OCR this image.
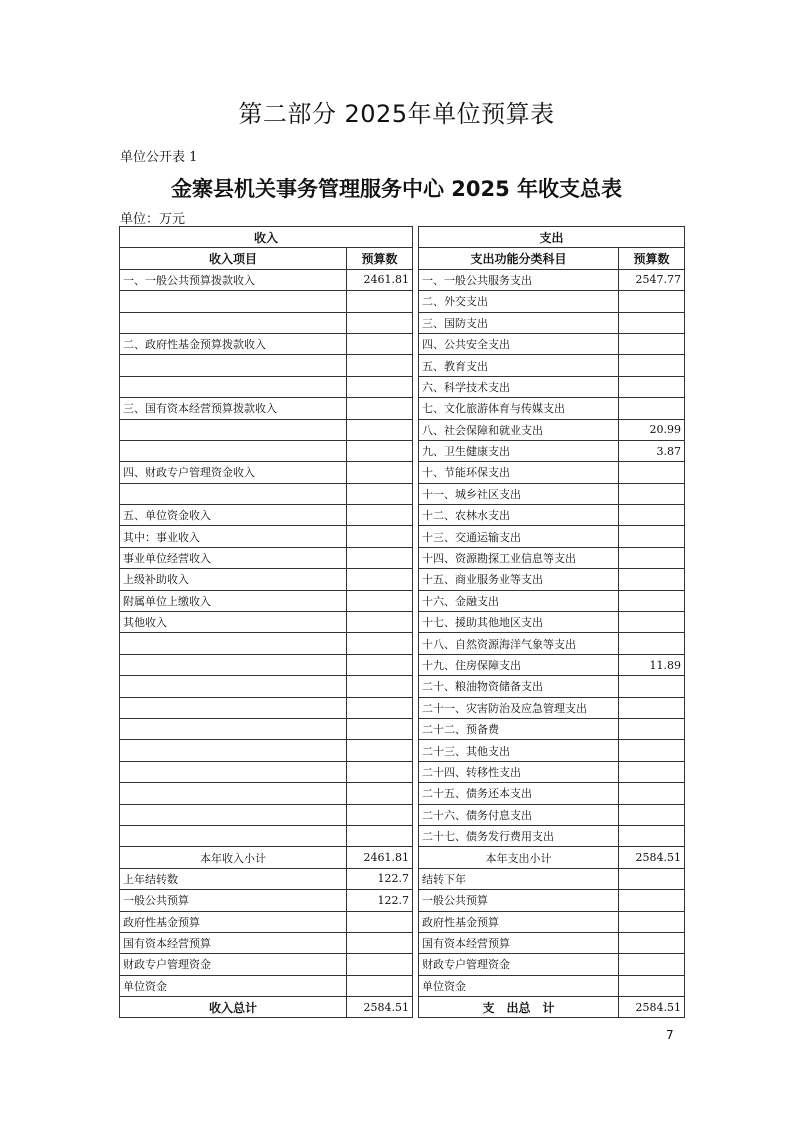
第二部分 2025年单位预算表
单位公开表 1
金寨县机关事务管理服务中心 2025 年收支总表
单位：万元
收入			支出	
收入项目	预算数		支出功能分类科目	预算数
一、一般公共预算拨款收入	2461.81		一、一般公共服务支出	2547.77
			二、外交支出	
			三、国防支出	
二、政府性基金预算拨款收入			四、公共安全支出	
			五、教育支出	
			六、科学技术支出	
三、国有资本经营预算拨款收入			七、文化旅游体育与传媒支出	
			八、社会保障和就业支出	20.99
			九、卫生健康支出	3.87
四、财政专户管理资金收入			十、节能环保支出	
			十一、城乡社区支出	
五、单位资金收入			十二、农林水支出	
其中：事业收入			十三、交通运输支出	
事业单位经营收入			十四、资源勘探工业信息等支出	
上级补助收入			十五、商业服务业等支出	
附属单位上缴收入			十六、金融支出	
其他收入			十七、援助其他地区支出	
			十八、自然资源海洋气象等支出	
			十九、住房保障支出	11.89
			二十、粮油物资储备支出	
			二十一、灾害防治及应急管理支出	
			二十二、预备费	
			二十三、其他支出	
			二十四、转移性支出	
			二十五、债务还本支出	
			二十六、债务付息支出	
			二十七、债务发行费用支出	
本年收入小计	2461.81		本年支出小计	2584.51
上年结转数	122.7		结转下年	
一般公共预算	122.7		一般公共预算	
政府性基金预算			政府性基金预算	
国有资本经营预算			国有资本经营预算	
财政专户管理资金			财政专户管理资金	
单位资金			单位资金	
收入总计	2584.51		支　出总　计	2584.51
7
